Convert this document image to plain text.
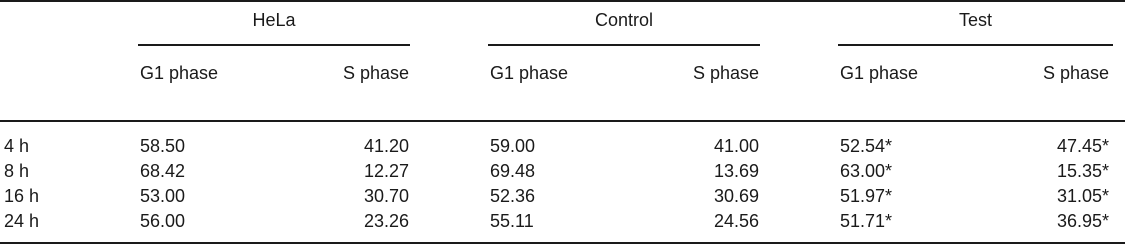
HeLa	Control	Test
G1 phase	S phase	G1 phase	S phase	G1 phase	S phase
4 h	58.50	41.20	59.00	41.00	52.54*	47.45*
8 h	68.42	12.27	69.48	13.69	63.00*	15.35*
16 h	53.00	30.70	52.36	30.69	51.97*	31.05*
24 h	56.00	23.26	55.11	24.56	51.71*	36.95*
